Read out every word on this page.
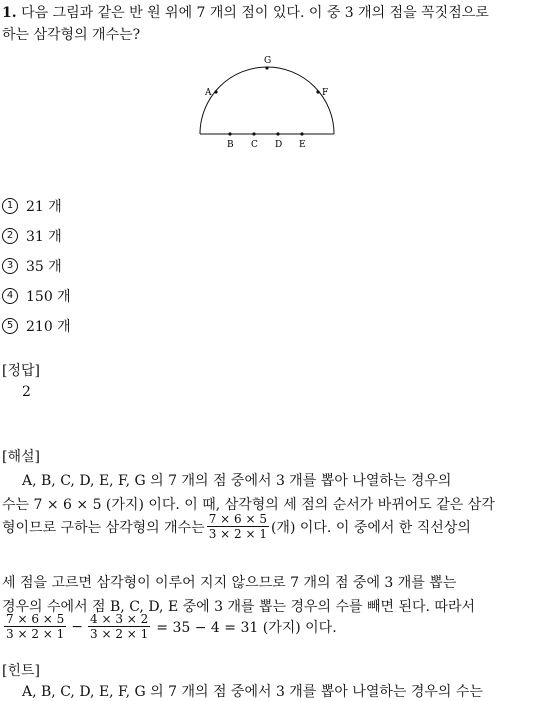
1. 다음 그림과 같은 반 원 위에 7 개의 점이 있다. 이 중 3 개의 점을 꼭짓점으로
하는 삼각형의 개수는?
A
G
F
B C D E
1 21 개
2 31 개
3 35 개
4 150 개
5 210 개
[정답]
2
[해설]
A, B, C, D, E, F, G 의 7 개의 점 중에서 3 개를 뽑아 나열하는 경우의
수는 7 × 6 × 5 (가지) 이다. 이 때, 삼각형의 세 점의 순서가 바뀌어도 같은 삼각
형이므로 구하는 삼각형의 개수는 $\frac{7 \times 6 \times 5}{3 \times 2 \times 1}$ (개) 이다. 이 중에서 한 직선상의
세 점을 고르면 삼각형이 이루어 지지 않으므로 7 개의 점 중에 3 개를 뽑는
경우의 수에서 점 B, C, D, E 중에 3 개를 뽑는 경우의 수를 빼면 된다. 따라서
$\frac{7 \times 6 \times 5}{3 \times 2 \times 1} - \frac{4 \times 3 \times 2}{3 \times 2 \times 1} = 35 - 4 = 31$ (가지) 이다.
[힌트]
A, B, C, D, E, F, G 의 7 개의 점 중에서 3 개를 뽑아 나열하는 경우의 수는
